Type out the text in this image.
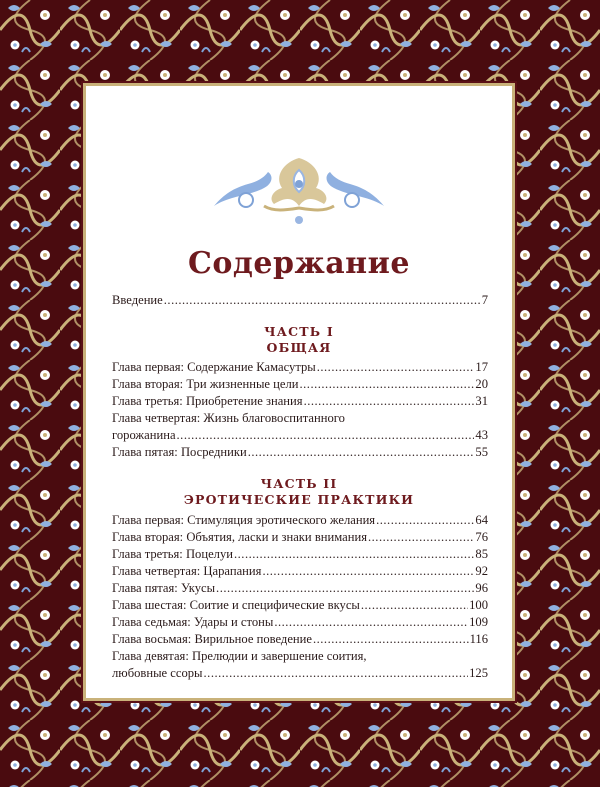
Содержание
Введение .....	7
ЧАСТЬ I
ОБЩАЯ
Глава первая: Содержание Камасутры .....	17
Глава вторая: Три жизненные цели .....	20
Глава третья: Приобретение знания .....	31
Глава четвертая: Жизнь благовоспитанного
горожанина .....	43
Глава пятая: Посредники .....	55
ЧАСТЬ II
ЭРОТИЧЕСКИЕ ПРАКТИКИ
Глава первая: Стимуляция эротического желания .....	64
Глава вторая: Объятия, ласки и знаки внимания .....	76
Глава третья: Поцелуи .....	85
Глава четвертая: Царапания .....	92
Глава пятая: Укусы .....	96
Глава шестая: Соитие и специфические вкусы .....	100
Глава седьмая: Удары и стоны .....	109
Глава восьмая: Вирильное поведение .....	116
Глава девятая: Прелюдии и завершение соития,
любовные ссоры .....	125
